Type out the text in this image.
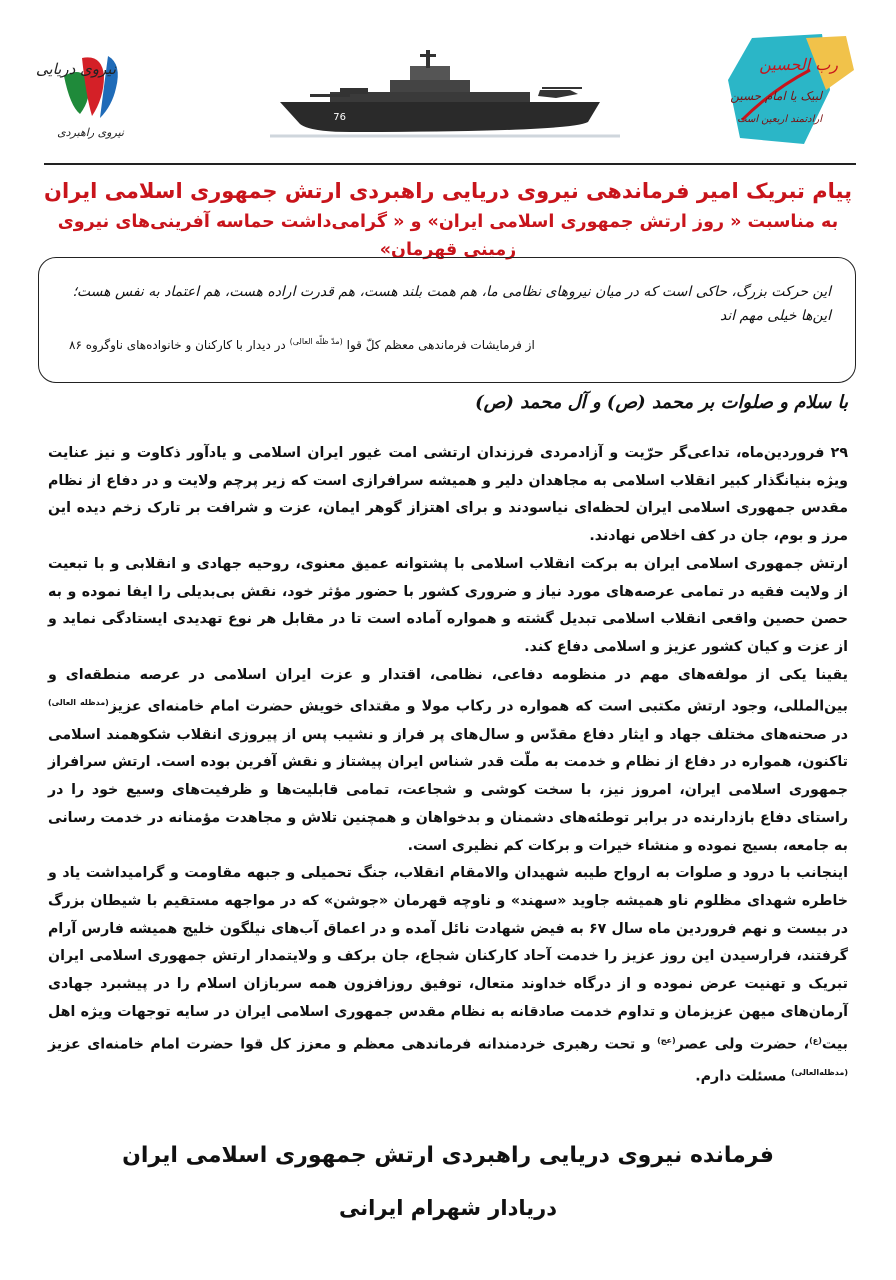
نیروی دریایی
نیروی راهبردی
76
رب الحسین
لبیک یا امام حسین
ارادتمند اربعین است
پیام تبریک امیر فرماندهی نیروی دریایی راهبردی ارتش جمهوری اسلامی ایران
به مناسبت « روز ارتش جمهوری اسلامی ایران» و « گرامی‌داشت حماسه آفرینی‌های نیروی زمینی قهرمان»
این حرکت بزرگ، حاکی است که در میان نیروهای نظامی ما، هم همت بلند هست، هم قدرت اراده هست، هم اعتماد به نفس هست؛ این‌ها خیلی مهم اند
از فرمایشات فرماندهی معظم کلّ قوا $^{(مدّ ظلّه العالی)}$ در دیدار با کارکنان و خانواده‌های ناوگروه ۸۶
با سلام و صلوات بر محمد (ص) و آل محمد (ص)

۲۹ فروردین‌ماه، تداعی‌گر حرّیت و آزادمردی فرزندان ارتشی امت غیور ایران اسلامی و یادآور ذکاوت و نیز عنایت ویژه بنیانگذار کبیر انقلاب اسلامی به مجاهدان دلیر و همیشه سرافرازی است که زیر پرچم ولایت و در دفاع از نظام مقدس جمهوری اسلامی ایران لحظه‌ای نیاسودند و برای اهتزاز گوهر ایمان، عزت و شرافت بر تارک زخم دیده این مرز و بوم، جان در کف اخلاص نهادند.

ارتش جمهوری اسلامی ایران به برکت انقلاب اسلامی با پشتوانه عمیق معنوی، روحیه جهادی و انقلابی و با تبعیت از ولایت فقیه در تمامی عرصه‌های مورد نیاز و ضروری کشور با حضور مؤثر خود، نقش بی‌بدیلی را ایفا نموده و به حصن حصین واقعی انقلاب اسلامی تبدیل گشته و همواره آماده است تا در مقابل هر نوع تهدیدی ایستادگی نماید و از عزت و کیان کشور عزیز و اسلامی دفاع کند.

یقینا یکی از مولفه‌های مهم در منظومه دفاعی، نظامی، اقتدار و عزت ایران اسلامی در عرصه منطقه‌ای و بین‌المللی، وجود ارتش مکتبی است که همواره در رکاب مولا و مقتدای خویش حضرت امام خامنه‌ای عزیز$^{(مدظله العالی)}$ در صحنه‌های مختلف جهاد و ایثار دفاع مقدّس و سال‌های پر فراز و نشیب پس از پیروزی انقلاب شکوهمند اسلامی تاکنون، همواره در دفاع از نظام و خدمت به ملّت قدر شناس ایران پیشتاز و نقش آفرین بوده است. ارتش سرافراز جمهوری اسلامی ایران، امروز نیز، با سخت کوشی و شجاعت، تمامی قابلیت‌ها و ظرفیت‌های وسیع خود را در راستای دفاع بازدارنده در برابر توطئه‌های دشمنان و بدخواهان و همچنین تلاش و مجاهدت مؤمنانه در خدمت رسانی به جامعه، بسیج نموده و منشاء خیرات و برکات کم نظیری است.

اینجانب با درود و صلوات به ارواح طیبه شهیدان والامقام انقلاب، جنگ تحمیلی و جبهه مقاومت و گرامیداشت یاد و خاطره شهدای مظلوم ناو همیشه جاوید «سهند» و ناوچه قهرمان «جوشن» که در مواجهه مستقیم با شیطان بزرگ در بیست و نهم فروردین ماه سال ۶۷ به فیض شهادت نائل آمده و در اعماق آب‌های نیلگون خلیج همیشه فارس آرام گرفتند، فرارسیدن این روز عزیز را خدمت آحاد کارکنان شجاع، جان برکف و ولایتمدار ارتش جمهوری اسلامی ایران تبریک و تهنیت عرض نموده و از درگاه خداوند متعال، توفیق روزافزون همه سربازان اسلام را در پیشبرد جهادی آرمان‌های میهن عزیزمان و تداوم خدمت صادقانه به نظام مقدس جمهوری اسلامی ایران در سایه توجهات ویژه اهل بیت$^{(ع)}$، حضرت ولی عصر$^{(عج)}$ و تحت رهبری خردمندانه فرماندهی معظم و معزز کل قوا حضرت امام خامنه‌ای عزیز $^{(مدظله‌العالی)}$ مسئلت دارم.

فرمانده نیروی دریایی راهبردی ارتش جمهوری اسلامی ایران
دریادار شهرام ایرانی
